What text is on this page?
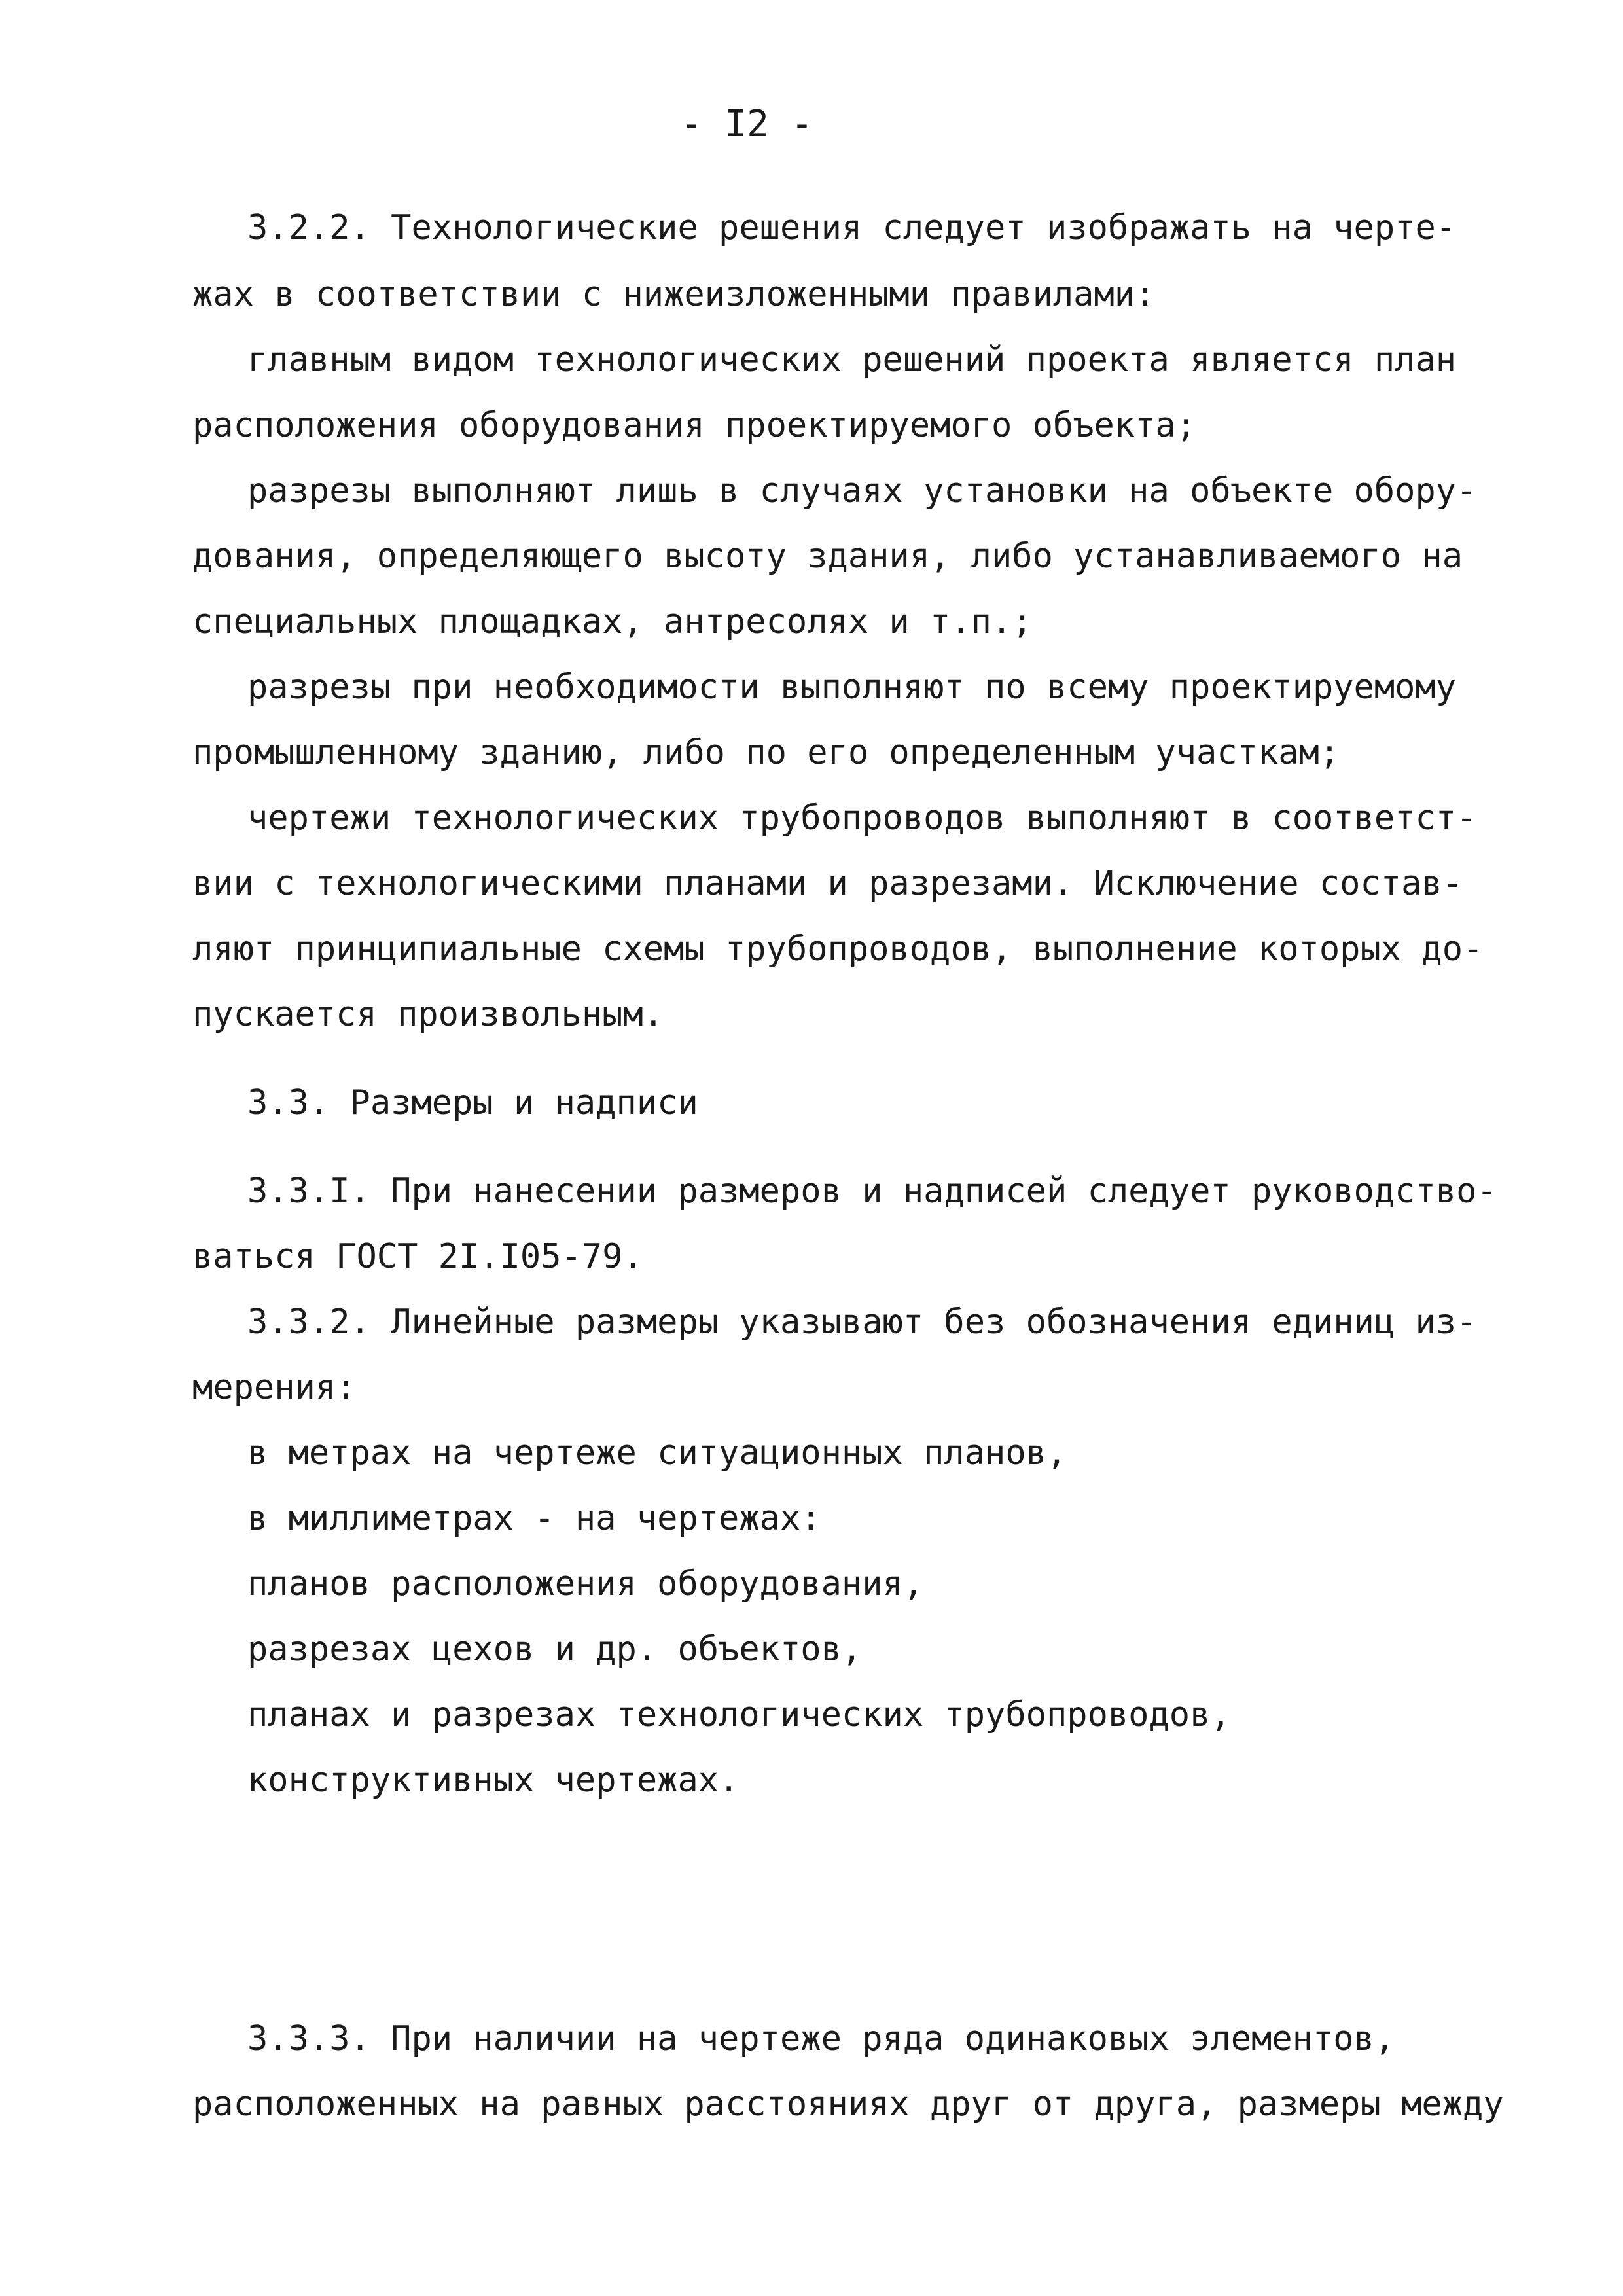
- I2 -
3.2.2. Технологические решения следует изображать на черте-
жах в соответствии с нижеизложенными правилами:
главным видом технологических решений проекта является план
расположения оборудования проектируемого объекта;
разрезы выполняют лишь в случаях установки на объекте обору-
дования, определяющего высоту здания, либо устанавливаемого на
специальных площадках, антресолях и т.п.;
разрезы при необходимости выполняют по всему проектируемому
промышленному зданию, либо по его определенным участкам;
чертежи технологических трубопроводов выполняют в соответст-
вии с технологическими планами и разрезами. Исключение состав-
ляют принципиальные схемы трубопроводов, выполнение которых до-
пускается произвольным.
3.3. Размеры и надписи
3.3.I. При нанесении размеров и надписей следует руководство-
ваться ГОСТ 2I.I05-79.
3.3.2. Линейные размеры указывают без обозначения единиц из-
мерения:
в метрах на чертеже ситуационных планов,
в миллиметрах - на чертежах:
планов расположения оборудования,
разрезах цехов и др. объектов,
планах и разрезах технологических трубопроводов,
конструктивных чертежах.
3.3.3. При наличии на чертеже ряда одинаковых элементов,
расположенных на равных расстояниях друг от друга, размеры между
